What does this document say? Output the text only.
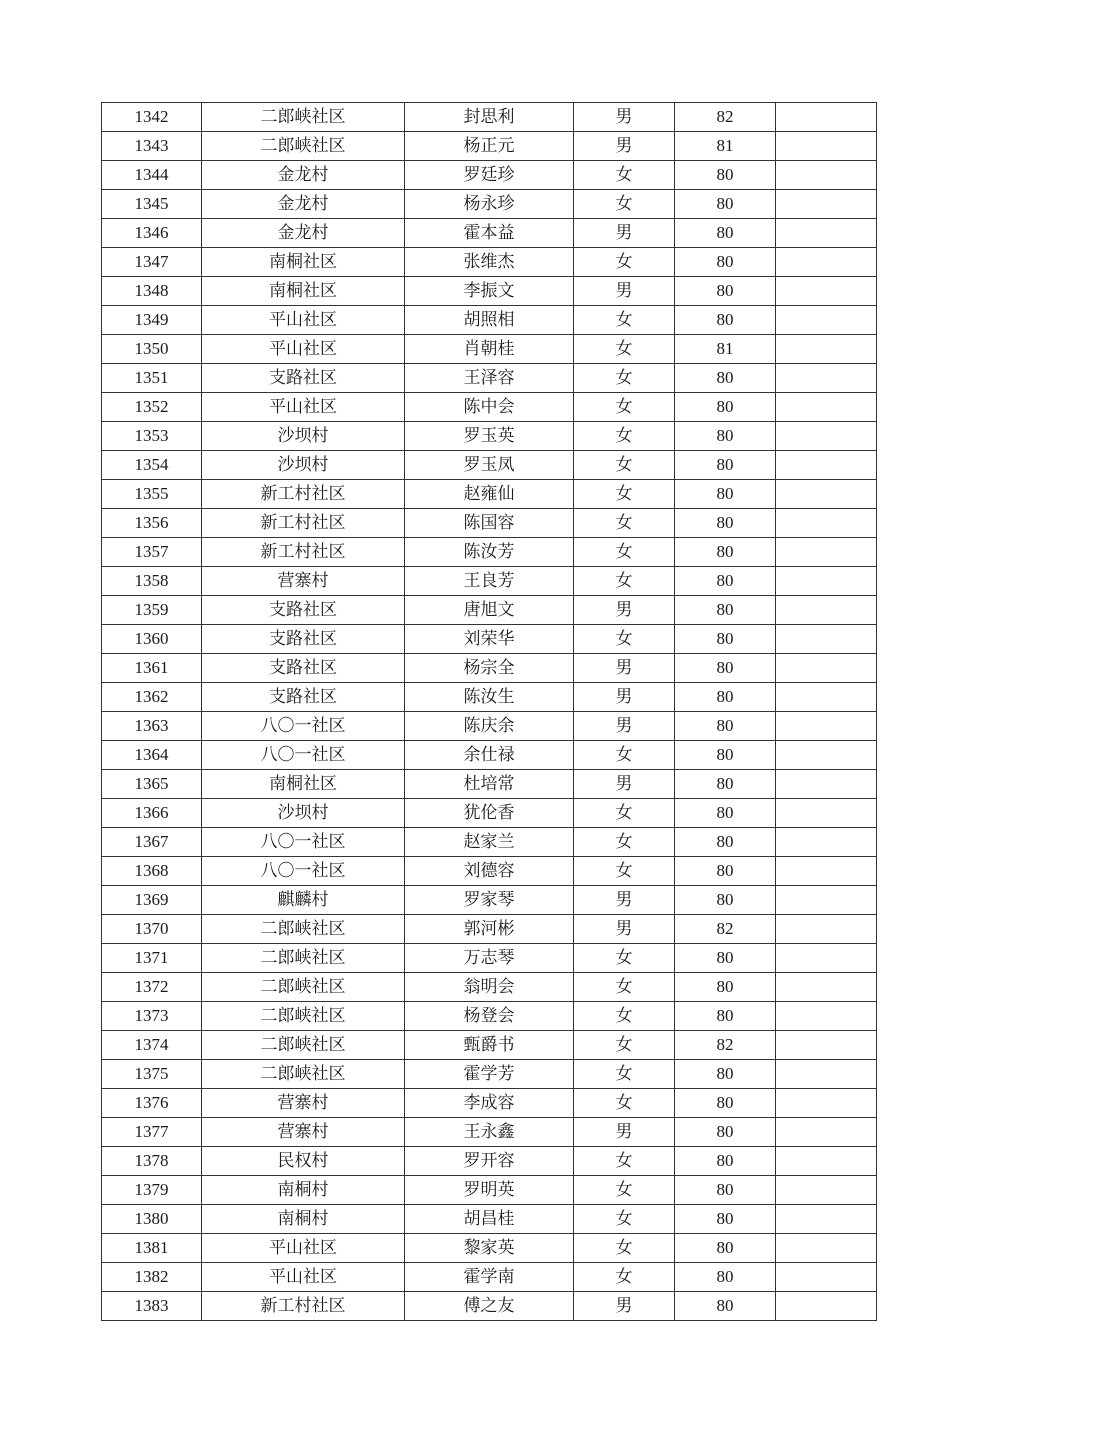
1342	二郎峡社区	封思利	男	82	
1343	二郎峡社区	杨正元	男	81	
1344	金龙村	罗廷珍	女	80	
1345	金龙村	杨永珍	女	80	
1346	金龙村	霍本益	男	80	
1347	南桐社区	张维杰	女	80	
1348	南桐社区	李振文	男	80	
1349	平山社区	胡照相	女	80	
1350	平山社区	肖朝桂	女	81	
1351	支路社区	王泽容	女	80	
1352	平山社区	陈中会	女	80	
1353	沙坝村	罗玉英	女	80	
1354	沙坝村	罗玉凤	女	80	
1355	新工村社区	赵雍仙	女	80	
1356	新工村社区	陈国容	女	80	
1357	新工村社区	陈汝芳	女	80	
1358	营寨村	王良芳	女	80	
1359	支路社区	唐旭文	男	80	
1360	支路社区	刘荣华	女	80	
1361	支路社区	杨宗全	男	80	
1362	支路社区	陈汝生	男	80	
1363	八〇一社区	陈庆余	男	80	
1364	八〇一社区	余仕禄	女	80	
1365	南桐社区	杜培常	男	80	
1366	沙坝村	犹伦香	女	80	
1367	八〇一社区	赵家兰	女	80	
1368	八〇一社区	刘德容	女	80	
1369	麒麟村	罗家琴	男	80	
1370	二郎峡社区	郭河彬	男	82	
1371	二郎峡社区	万志琴	女	80	
1372	二郎峡社区	翁明会	女	80	
1373	二郎峡社区	杨登会	女	80	
1374	二郎峡社区	甄爵书	女	82	
1375	二郎峡社区	霍学芳	女	80	
1376	营寨村	李成容	女	80	
1377	营寨村	王永鑫	男	80	
1378	民权村	罗开容	女	80	
1379	南桐村	罗明英	女	80	
1380	南桐村	胡昌桂	女	80	
1381	平山社区	黎家英	女	80	
1382	平山社区	霍学南	女	80	
1383	新工村社区	傅之友	男	80	
